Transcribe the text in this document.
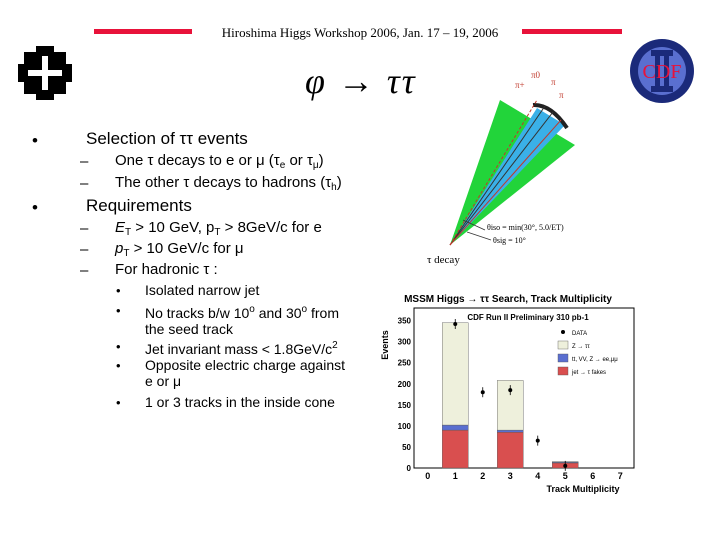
Hiroshima Higgs Workshop 2006, Jan. 17 – 19, 2006
CDF
φ → ττ
•	Selection of ττ events
– One τ decays to e or μ ($\tau_e$ or $\tau_\mu$)
– The other τ decays to hadrons $(\tau_h)$
•	Requirements
– $E_T > 10$ GeV, $p_T > 8GeV/c$ for e
– $p_T > 10$ GeV/c for μ
– For hadronic τ :
• Isolated narrow jet
• No tracks b/w 10$^o$ and 30$^o$ from
the seed track
• Jet invariant mass < $1.8GeV/c^2$
• Opposite electric charge against
e or μ
• 1 or 3 tracks in the inside cone
π+
π0
π
π
θiso = min(30°, 5.0/ET)
θsig = 10°
τ decay
MSSM Higgs → ττ Search, Track Multiplicity
CDF Run II Preliminary 310 pb-1
Events
Track Multiplicity
0 1 2 3 4 5 6 7
0
50
100
150
200
250
300
350
DATA
Z → ττ
tt, VV, Z → ee,μμ
jet → τ fakes
